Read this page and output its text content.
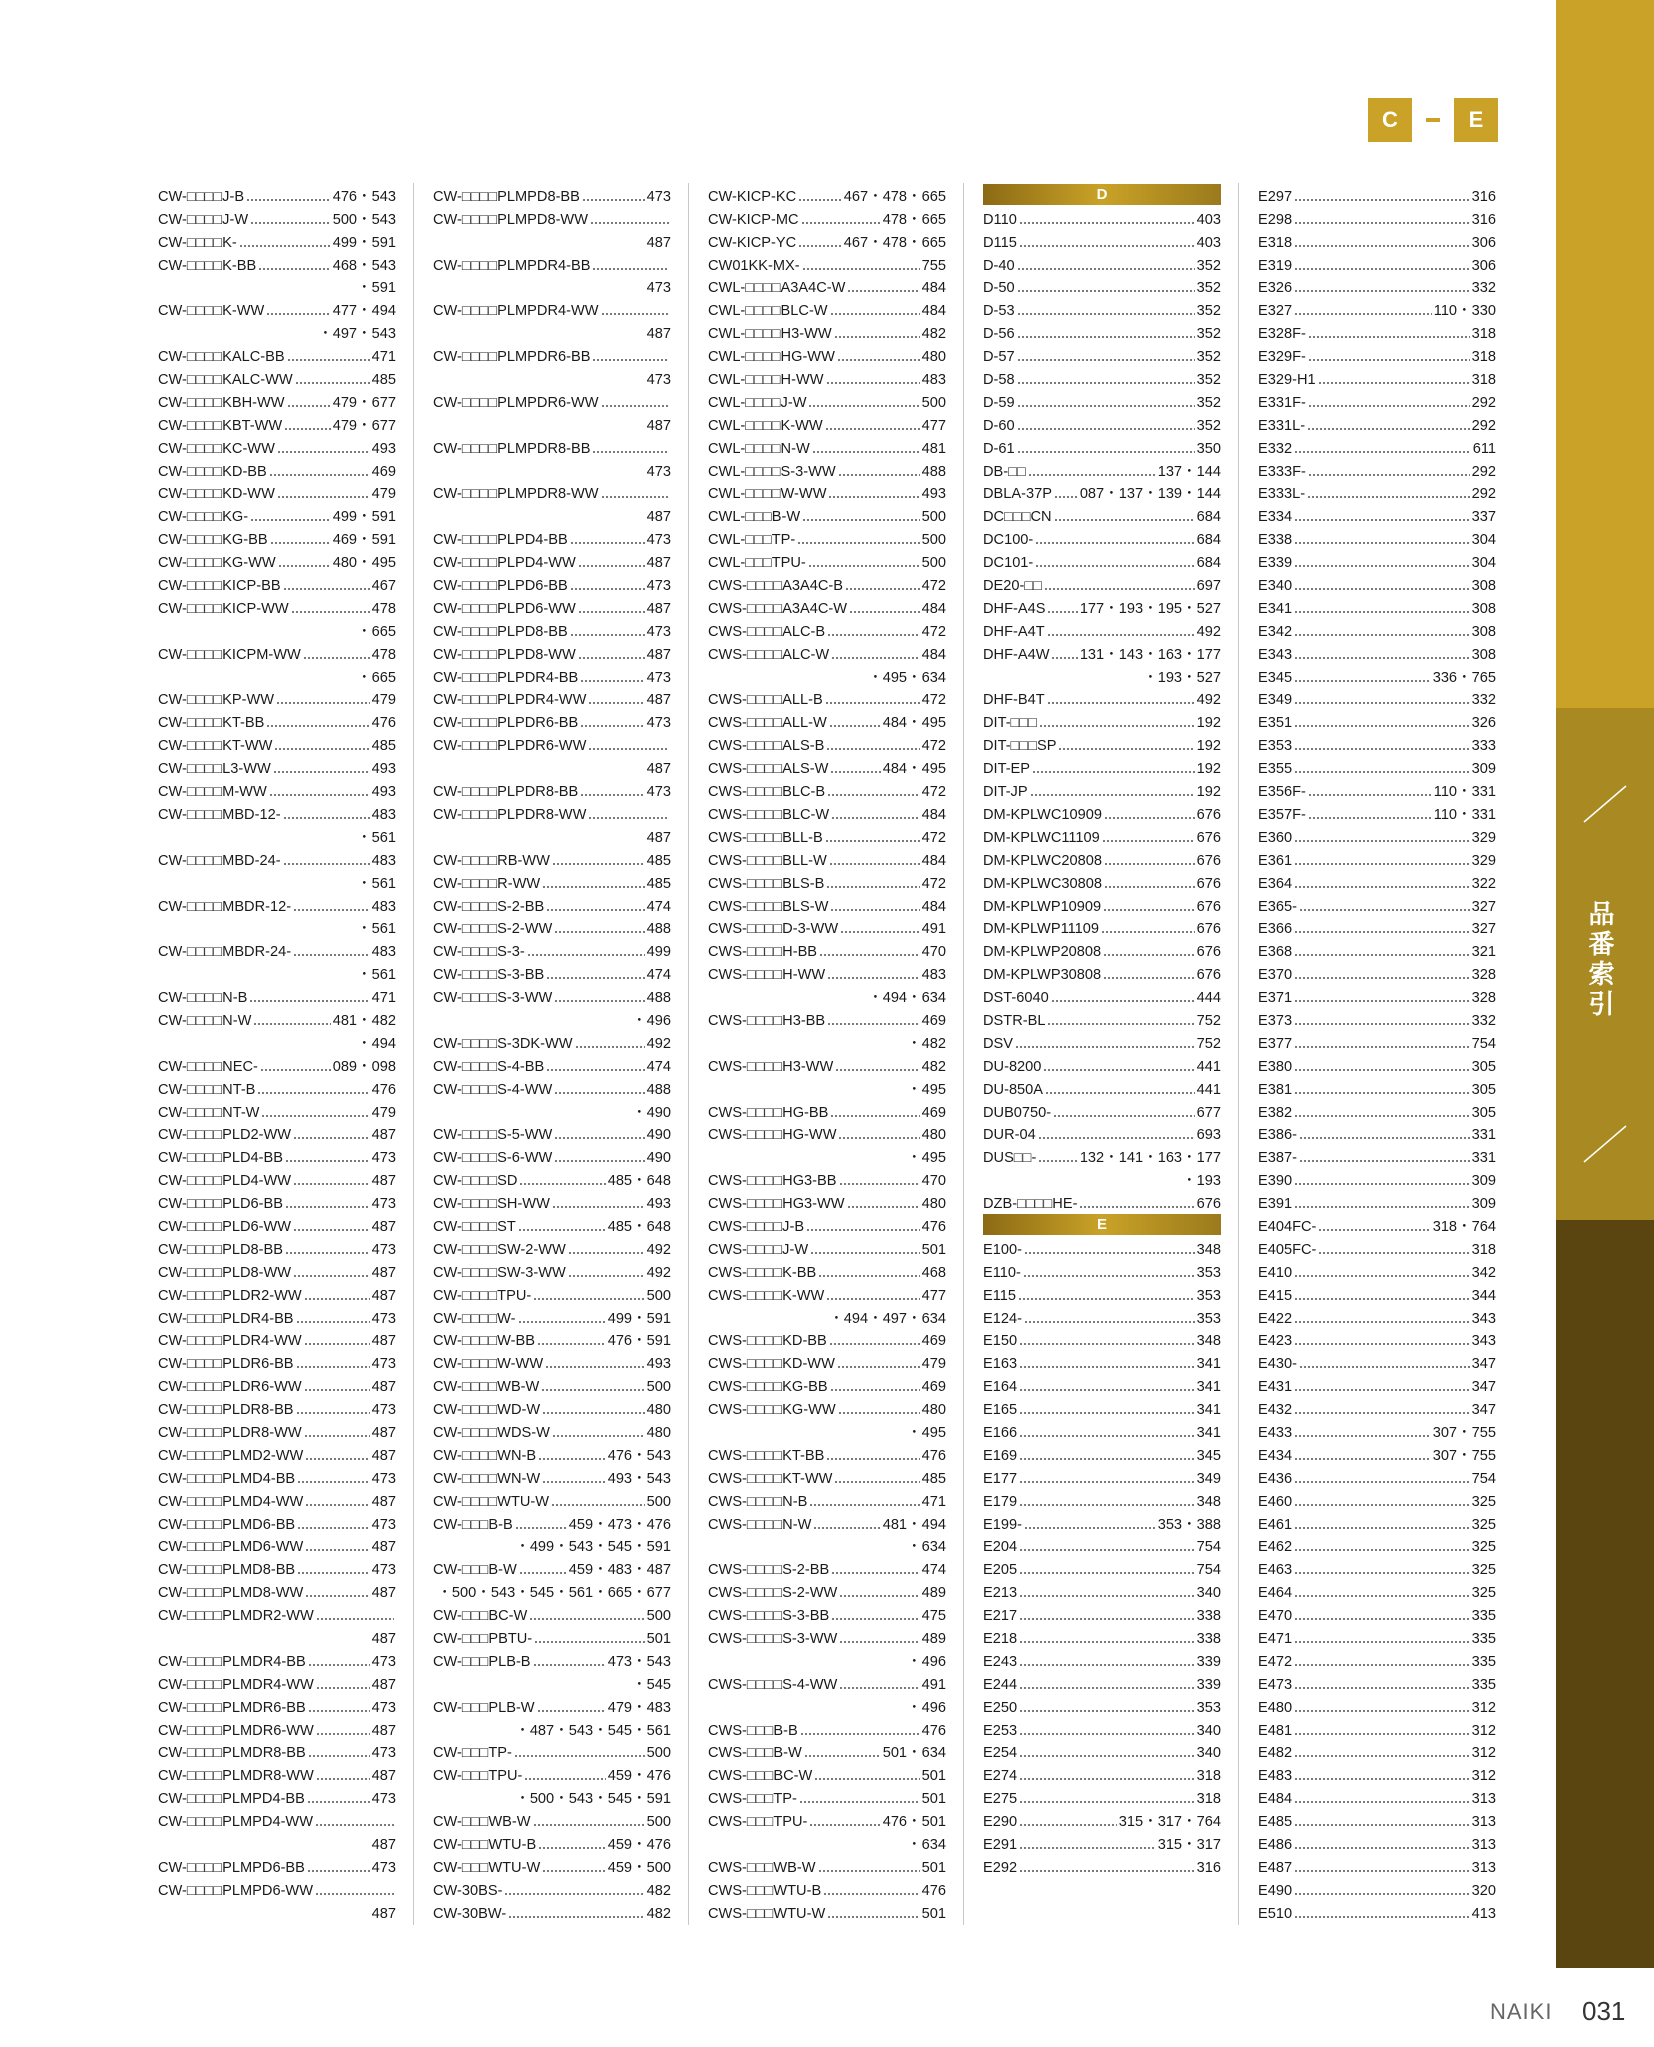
品番索引
C	E
CW-□□□□J-B	476・543
CW-□□□□J-W	500・543
CW-□□□□K-	499・591
CW-□□□□K-BB	468・543
・591
CW-□□□□K-WW	477・494
・497・543
CW-□□□□KALC-BB	471
CW-□□□□KALC-WW	485
CW-□□□□KBH-WW	479・677
CW-□□□□KBT-WW	479・677
CW-□□□□KC-WW	493
CW-□□□□KD-BB	469
CW-□□□□KD-WW	479
CW-□□□□KG-	499・591
CW-□□□□KG-BB	469・591
CW-□□□□KG-WW	480・495
CW-□□□□KICP-BB	467
CW-□□□□KICP-WW	478
・665
CW-□□□□KICPM-WW	478
・665
CW-□□□□KP-WW	479
CW-□□□□KT-BB	476
CW-□□□□KT-WW	485
CW-□□□□L3-WW	493
CW-□□□□M-WW	493
CW-□□□□MBD-12-	483
・561
CW-□□□□MBD-24-	483
・561
CW-□□□□MBDR-12-	483
・561
CW-□□□□MBDR-24-	483
・561
CW-□□□□N-B	471
CW-□□□□N-W	481・482
・494
CW-□□□□NEC-	089・098
CW-□□□□NT-B	476
CW-□□□□NT-W	479
CW-□□□□PLD2-WW	487
CW-□□□□PLD4-BB	473
CW-□□□□PLD4-WW	487
CW-□□□□PLD6-BB	473
CW-□□□□PLD6-WW	487
CW-□□□□PLD8-BB	473
CW-□□□□PLD8-WW	487
CW-□□□□PLDR2-WW	487
CW-□□□□PLDR4-BB	473
CW-□□□□PLDR4-WW	487
CW-□□□□PLDR6-BB	473
CW-□□□□PLDR6-WW	487
CW-□□□□PLDR8-BB	473
CW-□□□□PLDR8-WW	487
CW-□□□□PLMD2-WW	487
CW-□□□□PLMD4-BB	473
CW-□□□□PLMD4-WW	487
CW-□□□□PLMD6-BB	473
CW-□□□□PLMD6-WW	487
CW-□□□□PLMD8-BB	473
CW-□□□□PLMD8-WW	487
CW-□□□□PLMDR2-WW
487
CW-□□□□PLMDR4-BB	473
CW-□□□□PLMDR4-WW	487
CW-□□□□PLMDR6-BB	473
CW-□□□□PLMDR6-WW	487
CW-□□□□PLMDR8-BB	473
CW-□□□□PLMDR8-WW	487
CW-□□□□PLMPD4-BB	473
CW-□□□□PLMPD4-WW
487
CW-□□□□PLMPD6-BB	473
CW-□□□□PLMPD6-WW
487
CW-□□□□PLMPD8-BB	473
CW-□□□□PLMPD8-WW
487
CW-□□□□PLMPDR4-BB
473
CW-□□□□PLMPDR4-WW
487
CW-□□□□PLMPDR6-BB
473
CW-□□□□PLMPDR6-WW
487
CW-□□□□PLMPDR8-BB
473
CW-□□□□PLMPDR8-WW
487
CW-□□□□PLPD4-BB	473
CW-□□□□PLPD4-WW	487
CW-□□□□PLPD6-BB	473
CW-□□□□PLPD6-WW	487
CW-□□□□PLPD8-BB	473
CW-□□□□PLPD8-WW	487
CW-□□□□PLPDR4-BB	473
CW-□□□□PLPDR4-WW	487
CW-□□□□PLPDR6-BB	473
CW-□□□□PLPDR6-WW
487
CW-□□□□PLPDR8-BB	473
CW-□□□□PLPDR8-WW
487
CW-□□□□RB-WW	485
CW-□□□□R-WW	485
CW-□□□□S-2-BB	474
CW-□□□□S-2-WW	488
CW-□□□□S-3-	499
CW-□□□□S-3-BB	474
CW-□□□□S-3-WW	488
・496
CW-□□□□S-3DK-WW	492
CW-□□□□S-4-BB	474
CW-□□□□S-4-WW	488
・490
CW-□□□□S-5-WW	490
CW-□□□□S-6-WW	490
CW-□□□□SD	485・648
CW-□□□□SH-WW	493
CW-□□□□ST	485・648
CW-□□□□SW-2-WW	492
CW-□□□□SW-3-WW	492
CW-□□□□TPU-	500
CW-□□□□W-	499・591
CW-□□□□W-BB	476・591
CW-□□□□W-WW	493
CW-□□□□WB-W	500
CW-□□□□WD-W	480
CW-□□□□WDS-W	480
CW-□□□□WN-B	476・543
CW-□□□□WN-W	493・543
CW-□□□□WTU-W	500
CW-□□□B-B	459・473・476
・499・543・545・591
CW-□□□B-W	459・483・487
・500・543・545・561・665・677
CW-□□□BC-W	500
CW-□□□PBTU-	501
CW-□□□PLB-B	473・543
・545
CW-□□□PLB-W	479・483
・487・543・545・561
CW-□□□TP-	500
CW-□□□TPU-	459・476
・500・543・545・591
CW-□□□WB-W	500
CW-□□□WTU-B	459・476
CW-□□□WTU-W	459・500
CW-30BS-	482
CW-30BW-	482
CW-KICP-KC	467・478・665
CW-KICP-MC	478・665
CW-KICP-YC	467・478・665
CW01KK-MX-	755
CWL-□□□□A3A4C-W	484
CWL-□□□□BLC-W	484
CWL-□□□□H3-WW	482
CWL-□□□□HG-WW	480
CWL-□□□□H-WW	483
CWL-□□□□J-W	500
CWL-□□□□K-WW	477
CWL-□□□□N-W	481
CWL-□□□□S-3-WW	488
CWL-□□□□W-WW	493
CWL-□□□B-W	500
CWL-□□□TP-	500
CWL-□□□TPU-	500
CWS-□□□□A3A4C-B	472
CWS-□□□□A3A4C-W	484
CWS-□□□□ALC-B	472
CWS-□□□□ALC-W	484
・495・634
CWS-□□□□ALL-B	472
CWS-□□□□ALL-W	484・495
CWS-□□□□ALS-B	472
CWS-□□□□ALS-W	484・495
CWS-□□□□BLC-B	472
CWS-□□□□BLC-W	484
CWS-□□□□BLL-B	472
CWS-□□□□BLL-W	484
CWS-□□□□BLS-B	472
CWS-□□□□BLS-W	484
CWS-□□□□D-3-WW	491
CWS-□□□□H-BB	470
CWS-□□□□H-WW	483
・494・634
CWS-□□□□H3-BB	469
・482
CWS-□□□□H3-WW	482
・495
CWS-□□□□HG-BB	469
CWS-□□□□HG-WW	480
・495
CWS-□□□□HG3-BB	470
CWS-□□□□HG3-WW	480
CWS-□□□□J-B	476
CWS-□□□□J-W	501
CWS-□□□□K-BB	468
CWS-□□□□K-WW	477
・494・497・634
CWS-□□□□KD-BB	469
CWS-□□□□KD-WW	479
CWS-□□□□KG-BB	469
CWS-□□□□KG-WW	480
・495
CWS-□□□□KT-BB	476
CWS-□□□□KT-WW	485
CWS-□□□□N-B	471
CWS-□□□□N-W	481・494
・634
CWS-□□□□S-2-BB	474
CWS-□□□□S-2-WW	489
CWS-□□□□S-3-BB	475
CWS-□□□□S-3-WW	489
・496
CWS-□□□□S-4-WW	491
・496
CWS-□□□B-B	476
CWS-□□□B-W	501・634
CWS-□□□BC-W	501
CWS-□□□TP-	501
CWS-□□□TPU-	476・501
・634
CWS-□□□WB-W	501
CWS-□□□WTU-B	476
CWS-□□□WTU-W	501
D
D110	403
D115	403
D-40	352
D-50	352
D-53	352
D-56	352
D-57	352
D-58	352
D-59	352
D-60	352
D-61	350
DB-□□	137・144
DBLA-37P 087・137・139・144
DC□□□CN	684
DC100-	684
DC101-	684
DE20-□□	697
DHF-A4S 177・193・195・527
DHF-A4T	492
DHF-A4W 131・143・163・177
・193・527
DHF-B4T	492
DIT-□□□	192
DIT-□□□SP	192
DIT-EP	192
DIT-JP	192
DM-KPLWC10909	676
DM-KPLWC11109	676
DM-KPLWC20808	676
DM-KPLWC30808	676
DM-KPLWP10909	676
DM-KPLWP11109	676
DM-KPLWP20808	676
DM-KPLWP30808	676
DST-6040	444
DSTR-BL	752
DSV	752
DU-8200	441
DU-850A	441
DUB0750-	677
DUR-04	693
DUS□□-	132・141・163・177
・193
DZB-□□□□HE-	676
E
E100-	348
E110-	353
E115	353
E124-	353
E150	348
E163	341
E164	341
E165	341
E166	341
E169	345
E177	349
E179	348
E199-	353・388
E204	754
E205	754
E213	340
E217	338
E218	338
E243	339
E244	339
E250	353
E253	340
E254	340
E274	318
E275	318
E290	315・317・764
E291	315・317
E292	316
E297	316
E298	316
E318	306
E319	306
E326	332
E327	110・330
E328F-	318
E329F-	318
E329-H1	318
E331F-	292
E331L-	292
E332	611
E333F-	292
E333L-	292
E334	337
E338	304
E339	304
E340	308
E341	308
E342	308
E343	308
E345	336・765
E349	332
E351	326
E353	333
E355	309
E356F-	110・331
E357F-	110・331
E360	329
E361	329
E364	322
E365-	327
E366	327
E368	321
E370	328
E371	328
E373	332
E377	754
E380	305
E381	305
E382	305
E386-	331
E387-	331
E390	309
E391	309
E404FC-	318・764
E405FC-	318
E410	342
E415	344
E422	343
E423	343
E430-	347
E431	347
E432	347
E433	307・755
E434	307・755
E436	754
E460	325
E461	325
E462	325
E463	325
E464	325
E470	335
E471	335
E472	335
E473	335
E480	312
E481	312
E482	312
E483	312
E484	313
E485	313
E486	313
E487	313
E490	320
E510	413
NAIKI 031
